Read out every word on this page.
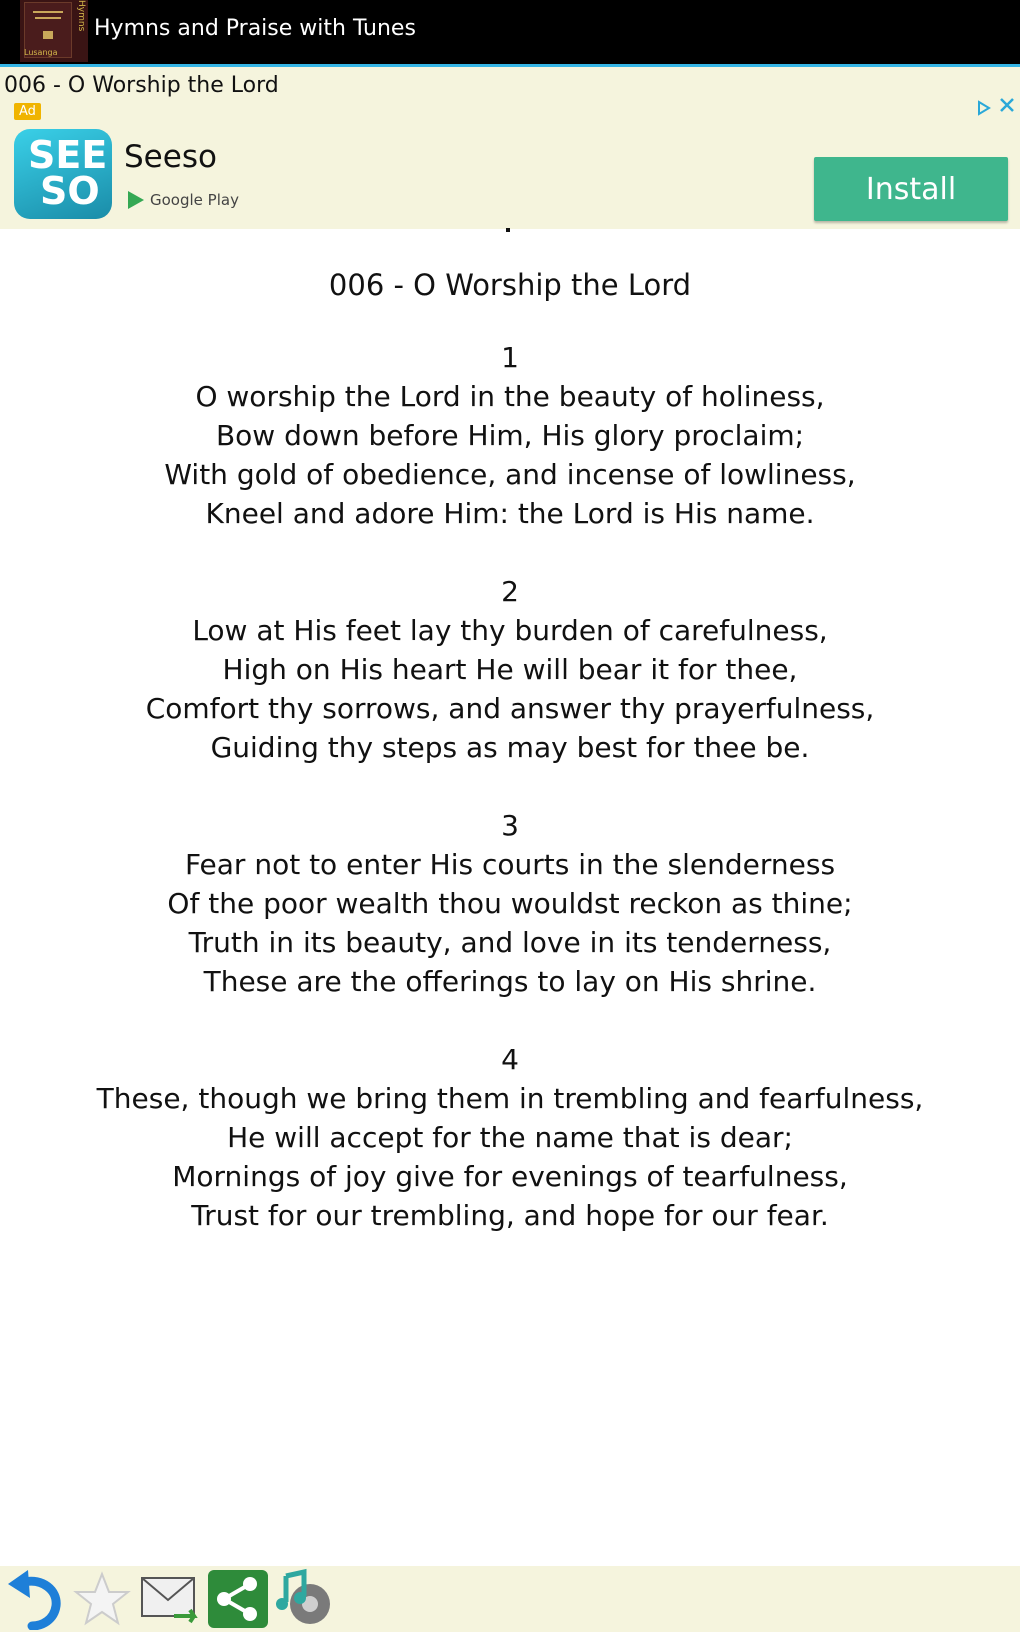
Hymns
Lusanga
Hymns and Praise with Tunes
006 - O Worship the Lord
Ad
SEE
SO
Seeso
Google Play	Install
006 - O Worship the Lord
1
O worship the Lord in the beauty of holiness,
Bow down before Him, His glory proclaim;
With gold of obedience, and incense of lowliness,
Kneel and adore Him: the Lord is His name.
2
Low at His feet lay thy burden of carefulness,
High on His heart He will bear it for thee,
Comfort thy sorrows, and answer thy prayerfulness,
Guiding thy steps as may best for thee be.
3
Fear not to enter His courts in the slenderness
Of the poor wealth thou wouldst reckon as thine;
Truth in its beauty, and love in its tenderness,
These are the offerings to lay on His shrine.
4
These, though we bring them in trembling and fearfulness,
He will accept for the name that is dear;
Mornings of joy give for evenings of tearfulness,
Trust for our trembling, and hope for our fear.
